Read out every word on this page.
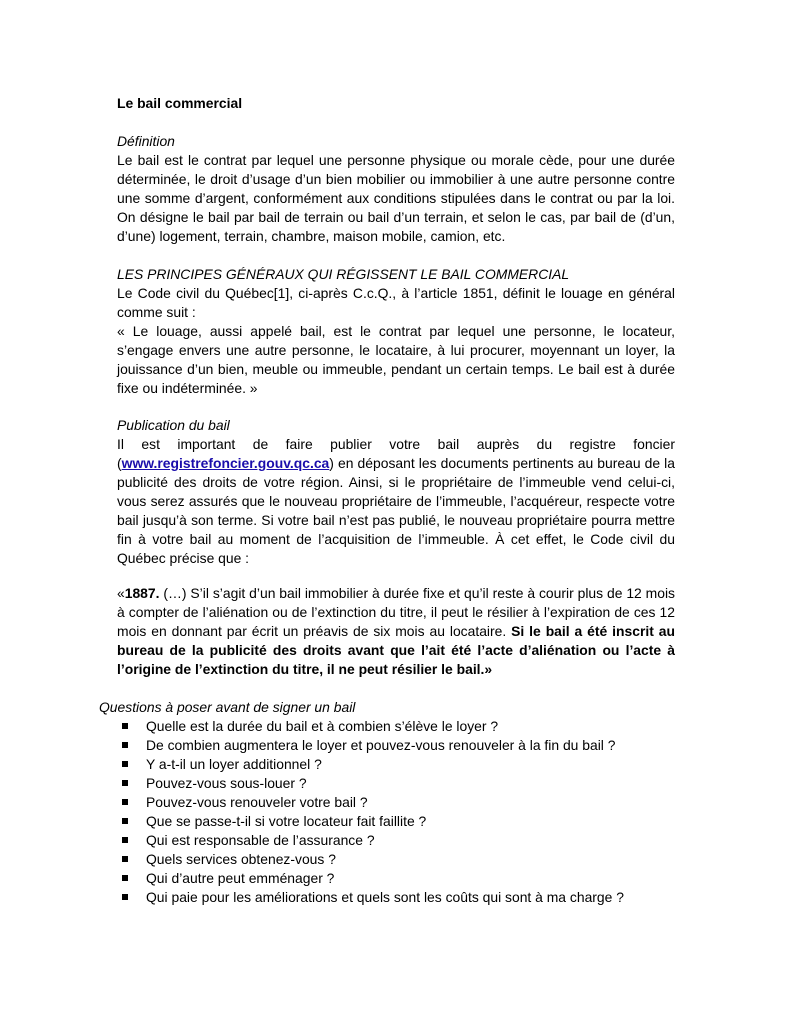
Le bail commercial
Définition
Le bail est le contrat par lequel une personne physique ou morale cède, pour une durée déterminée, le droit d’usage d’un bien mobilier ou immobilier à une autre personne contre une somme d’argent, conformément aux conditions stipulées dans le contrat ou par la loi. On désigne le bail par bail de terrain ou bail d’un terrain, et selon le cas, par bail de (d’un, d’une) logement, terrain, chambre, maison mobile, camion, etc.
LES PRINCIPES GÉNÉRAUX QUI RÉGISSENT LE BAIL COMMERCIAL
Le Code civil du Québec[1], ci-après C.c.Q., à l’article 1851, définit le louage en général comme suit :
« Le louage, aussi appelé bail, est le contrat par lequel une personne, le locateur, s’engage envers une autre personne, le locataire, à lui procurer, moyennant un loyer, la jouissance d’un bien, meuble ou immeuble, pendant un certain temps. Le bail est à durée fixe ou indéterminée. »
Publication du bail
Il est important de faire publier votre bail auprès du registre foncier (www.registrefoncier.gouv.qc.ca) en déposant les documents pertinents au bureau de la publicité des droits de votre région. Ainsi, si le propriétaire de l’immeuble vend celui-ci, vous serez assurés que le nouveau propriétaire de l’immeuble, l’acquéreur, respecte votre bail jusqu’à son terme. Si votre bail n’est pas publié, le nouveau propriétaire pourra mettre fin à votre bail au moment de l’acquisition de l’immeuble. À cet effet, le Code civil du Québec précise que :
«1887. (…) S’il s’agit d’un bail immobilier à durée fixe et qu’il reste à courir plus de 12 mois à compter de l’aliénation ou de l’extinction du titre, il peut le résilier à l’expiration de ces 12 mois en donnant par écrit un préavis de six mois au locataire. Si le bail a été inscrit au bureau de la publicité des droits avant que l’ait été l’acte d’aliénation ou l’acte à l’origine de l’extinction du titre, il ne peut résilier le bail.»
Questions à poser avant de signer un bail
Quelle est la durée du bail et à combien s’élève le loyer ?
De combien augmentera le loyer et pouvez-vous renouveler à la fin du bail ?
Y a-t-il un loyer additionnel ?
Pouvez-vous sous-louer ?
Pouvez-vous renouveler votre bail ?
Que se passe-t-il si votre locateur fait faillite ?
Qui est responsable de l’assurance ?
Quels services obtenez-vous ?
Qui d’autre peut emménager ?
Qui paie pour les améliorations et quels sont les coûts qui sont à ma charge ?
